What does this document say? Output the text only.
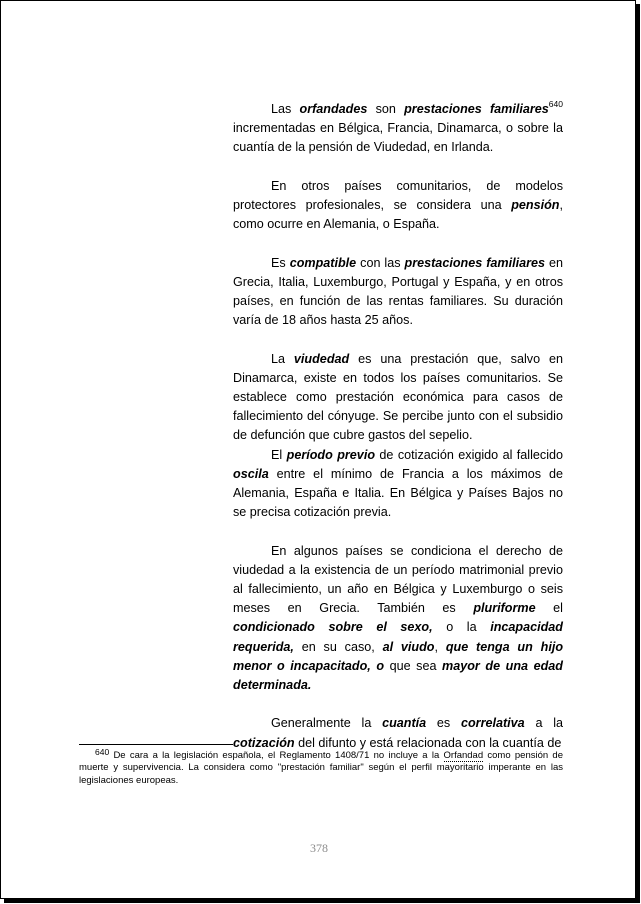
Las orfandades son prestaciones familiares$^{640}$ incrementadas en Bélgica, Francia, Dinamarca, o sobre la cuantía de la pensión de Viudedad, en Irlanda.

En otros países comunitarios, de modelos protectores profesionales, se considera una pensión, como ocurre en Alemania, o España.

Es compatible con las prestaciones familiares en Grecia, Italia, Luxemburgo, Portugal y España, y en otros países, en función de las rentas familiares. Su duración varía de 18 años hasta 25 años.

La viudedad es una prestación que, salvo en Dinamarca, existe en todos los países comunitarios. Se establece como prestación económica para casos de fallecimiento del cónyuge. Se percibe junto con el subsidio de defunción que cubre gastos del sepelio.

El período previo de cotización exigido al fallecido oscila entre el mínimo de Francia a los máximos de Alemania, España e Italia. En Bélgica y Países Bajos no se precisa cotización previa.

En algunos países se condiciona el derecho de viudedad a la existencia de un período matrimonial previo al fallecimiento, un año en Bélgica y Luxemburgo o seis meses en Grecia. También es pluriforme el condicionado sobre el sexo, o la incapacidad requerida, en su caso, al viudo, que tenga un hijo menor o incapacitado, o que sea mayor de una edad determinada.

Generalmente la cuantía es correlativa a la cotización del difunto y está relacionada con la cuantía de

$^{640}$ De cara a la legislación española, el Reglamento 1408/71 no incluye a la Orfandad como pensión de muerte y supervivencia. La considera como "prestación familiar" según el perfil mayoritario imperante en las legislaciones europeas.

378
